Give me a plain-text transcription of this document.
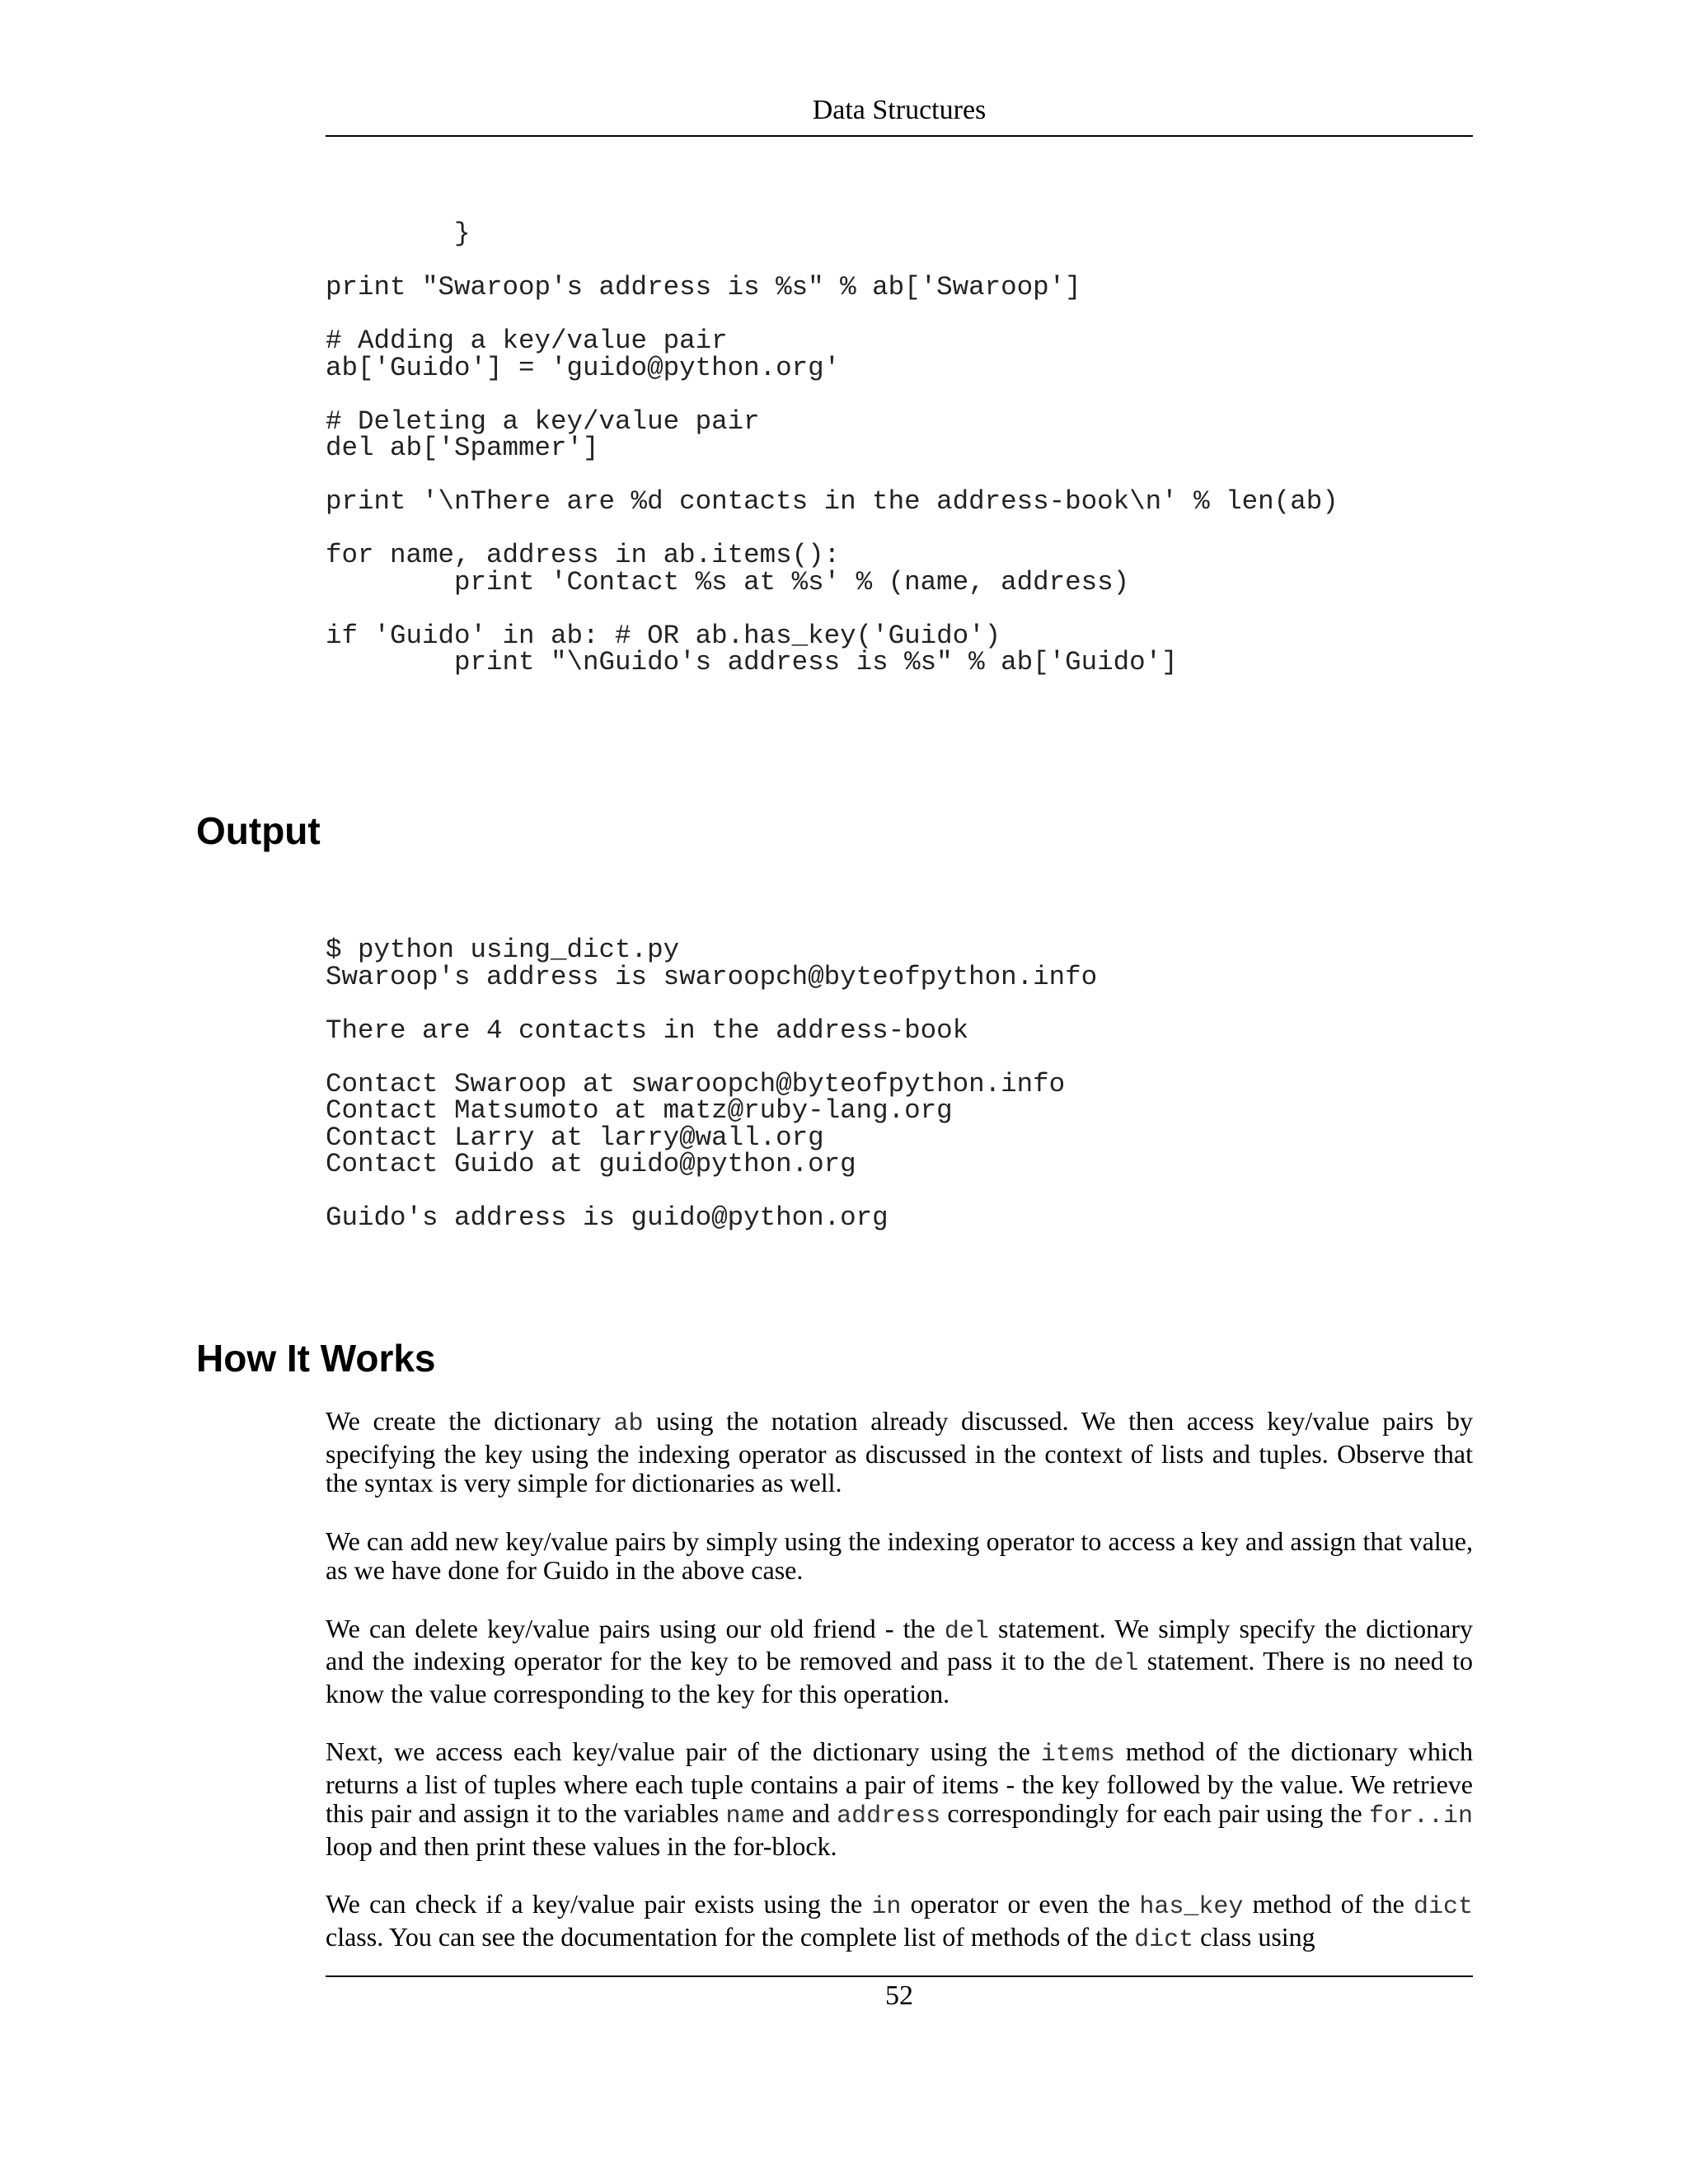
Data Structures
}

print "Swaroop's address is %s" % ab['Swaroop']

# Adding a key/value pair
ab['Guido'] = 'guido@python.org'

# Deleting a key/value pair
del ab['Spammer']

print '\nThere are %d contacts in the address-book\n' % len(ab)

for name, address in ab.items():
print 'Contact %s at %s' % (name, address)

if 'Guido' in ab: # OR ab.has_key('Guido')
print "\nGuido's address is %s" % ab['Guido']
Output
$ python using_dict.py
Swaroop's address is swaroopch@byteofpython.info

There are 4 contacts in the address-book

Contact Swaroop at swaroopch@byteofpython.info
Contact Matsumoto at matz@ruby-lang.org
Contact Larry at larry@wall.org
Contact Guido at guido@python.org

Guido's address is guido@python.org
How It Works

We create the dictionary ab using the notation already discussed. We then access key/value pairs by specifying the key using the indexing operator as discussed in the context of lists and tuples. Observe that the syntax is very simple for dictionaries as well.

We can add new key/value pairs by simply using the indexing operator to access a key and assign that value, as we have done for Guido in the above case.

We can delete key/value pairs using our old friend - the del statement. We simply specify the dictionary and the indexing operator for the key to be removed and pass it to the del statement. There is no need to know the value corresponding to the key for this operation.

Next, we access each key/value pair of the dictionary using the items method of the dictionary which returns a list of tuples where each tuple contains a pair of items - the key followed by the value. We retrieve this pair and assign it to the variables name and address correspondingly for each pair using the for..in loop and then print these values in the for-block.

We can check if a key/value pair exists using the in operator or even the has_key method of the dict class. You can see the documentation for the complete list of methods of the dict class using

52
